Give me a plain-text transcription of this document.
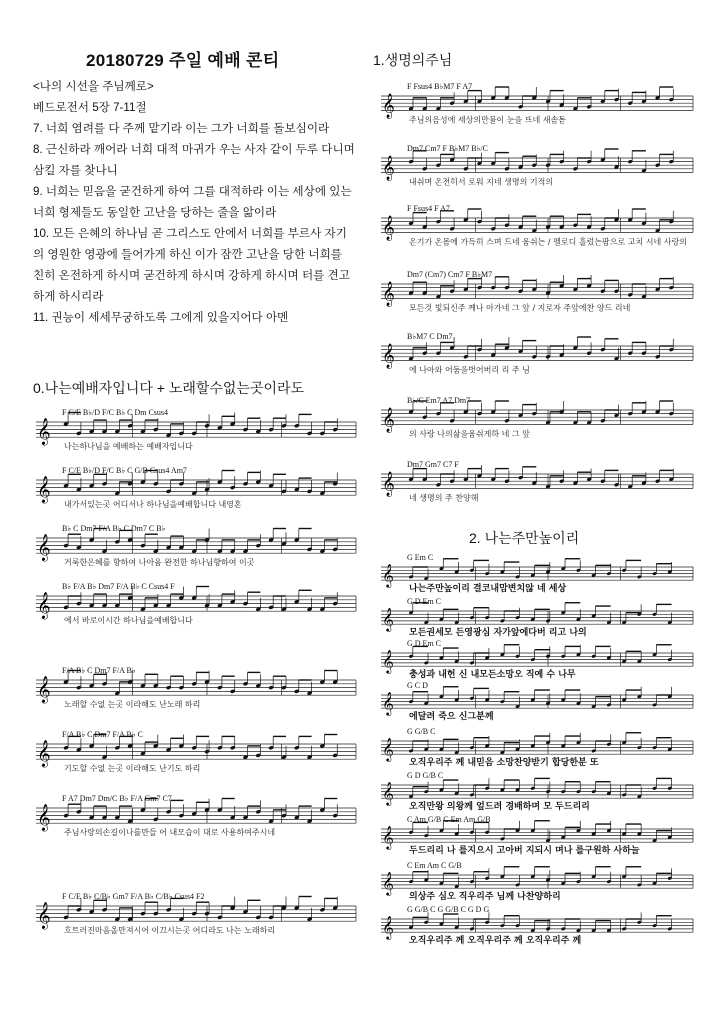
20180729 주일 예배 콘티

<나의 시선을 주님께로>

베드로전서 5장 7-11절

7. 너희 염려를 다 주께 맡기라 이는 그가 너희를 돌보심이라

8. 근신하라 깨어라 너희 대적 마귀가 우는 사자 같이 두루 다니며 삼킬 자를 찾나니

9. 너희는 믿음을 굳건하게 하여 그를 대적하라 이는 세상에 있는 너희 형제들도 동일한 고난을 당하는 줄을 앎이라

10. 모든 은혜의 하나님 곧 그리스도 안에서 너희를 부르사 자기의 영원한 영광에 들어가게 하신 이가 잠깐 고난을 당한 너희를 친히 온전하게 하시며 굳건하게 하시며 강하게 하시며 터를 견고하게 하시리라

11. 권능이 세세무궁하도록 그에게 있을지어다 아멘

0.나는예배자입니다 + 노래할수없는곳이라도
1.생명의주님
2. 나는주만높이리
F C/E B♭/D F/C B♭ C Dm Csus4
𝄞
나는하나님을 예배하는 예배자입니다
F C/E B♭/D F/C B♭ C G/B Csus4 Am7
𝄞
내가서있는곳 어디서나 하나님을예배합니다 내영혼
B♭ C Dm7 F/A B♭ C Dm7 C B♭
𝄞
거룩한은혜를 향하여 나아옴 완전한 하나님향하여 이곳
B♭ F/A B♭ Dm7 F/A B♭ C Csus4 F
𝄞
에서 바로이시간 하나님을예배합니다
F/A B♭ C Dm7 F/A B♭
𝄞
노래할 수없 는곳 이라해도 난노래 하리
F/A B♭ C Dm7 F/A B♭ C
𝄞
기도할 수없 는곳 이라해도 난기도 하리
F A7 Dm7 Dm/C B♭ F/A Gm7 C7
𝄞
주님사랑의손길이나를만들 어 내모습이 대로 사용하여주시네
F C/E B♭ C/B♭ Gm7 F/A B♭ C/B♭ Csus4 F2
𝄞
흐트러진마음올만져시어 이끄시는곳 어디라도 나는 노래하리
F Fsus4 B♭M7 F A7
𝄞
주님의음성에 세상의만물이 눈을 뜨네 새솜돋
Dm7 Cm7 F B♭M7 B♭/C
𝄞
내쉬며 온전히서 로워 지네 생명의 기적의
F Fsus4 F A7
𝄞
온기가 온몸에 가득히 스며 드네 움쉬는 / 멜로디 흘렀는팜으로 고치 시네 사랑의
Dm7 (Cm7) Cm7 F B♭M7
𝄞
모든것 빛되신주 께나 아가네 그 앞 / 지로자 주앞에찬 양드 리네
B♭M7 C Dm7
𝄞
에 나아와 어둠을벗어버리 리 주 님
B♭/C Em7 A7 Dm7
𝄞
의 사랑 나의삶을움쉬게하 네 그 앞
Dm7 Gm7 C7 F
𝄞
네 생명의 주 찬양해
G Em C
𝄞
나는주만높이리 결코내맘변치않 네 세상
G D Em C
𝄞
모든권세모 든영광심 자가앞에다버 리고 나의
G D Em C
𝄞
충성과 내헌 신 내모든소망오 직예 수 나무
G C D
𝄞
에달려 죽으 신그분께
G G/B C
𝄞
오직우리주 께 내믿음 소망찬양받기 합당한분 또
G D G/B C
𝄞
오직만왕 의왕께 엎드려 경배하며 모 두드리리
C Am G/B C Em Am G/B
𝄞
두드리리 나 를지으시 고아버 지되시 며나 를구원하 사하늘
C Em Am C G/B
𝄞
의상주 심오 직우리주 님께 나찬양하리
G G/B C G G/B C G D G
𝄞
오직우리주 께 오직우리주 께 오직우리주 께
